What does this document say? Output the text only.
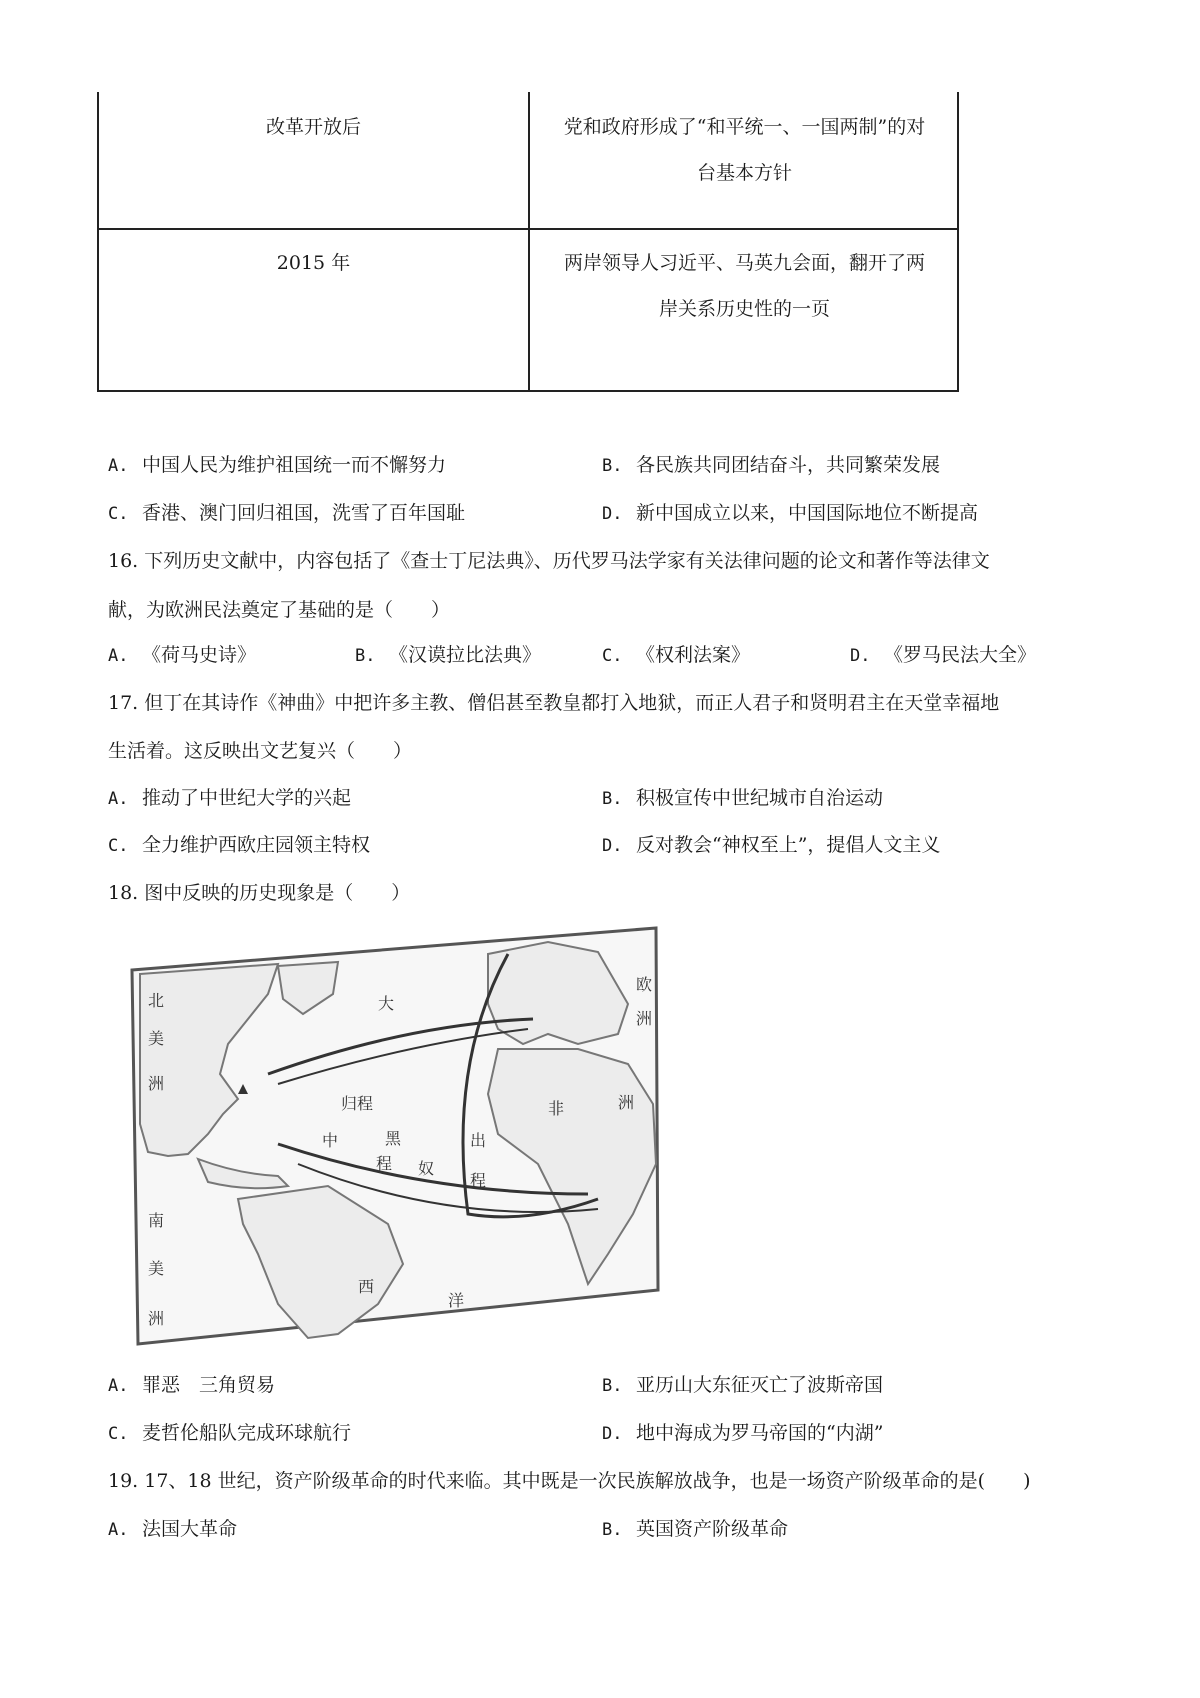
改革开放后	党和政府形成了“和平统一、一国两制”的对
台基本方针
2015 年	两岸领导人习近平、马英九会面，翻开了两
岸关系历史性的一页
A. 中国人民为维护祖国统一而不懈努力	B. 各民族共同团结奋斗，共同繁荣发展
C. 香港、澳门回归祖国，洗雪了百年国耻	D. 新中国成立以来，中国国际地位不断提高
16. 下列历史文献中，内容包括了《查士丁尼法典》、历代罗马法学家有关法律问题的论文和著作等法律文
献，为欧洲民法奠定了基础的是（　　）
A. 《荷马史诗》	B. 《汉谟拉比法典》	C. 《权利法案》	D. 《罗马民法大全》
17. 但丁在其诗作《神曲》中把许多主教、僧侣甚至教皇都打入地狱，而正人君子和贤明君主在天堂幸福地
生活着。这反映出文艺复兴（　　）
A. 推动了中世纪大学的兴起	B. 积极宣传中世纪城市自治运动
C. 全力维护西欧庄园领主特权	D. 反对教会“神权至上”，提倡人文主义
18. 图中反映的历史现象是（　　）
北
美
洲
南
美
洲
大
西
洋
欧
洲
非	洲
归程
中
程
出
程
黑
奴
A. 罪恶　三角贸易	B. 亚历山大东征灭亡了波斯帝国
C. 麦哲伦船队完成环球航行	D. 地中海成为罗马帝国的“内湖”
19. 17、18 世纪，资产阶级革命的时代来临。其中既是一次民族解放战争，也是一场资产阶级革命的是(　　)
A. 法国大革命	B. 英国资产阶级革命
